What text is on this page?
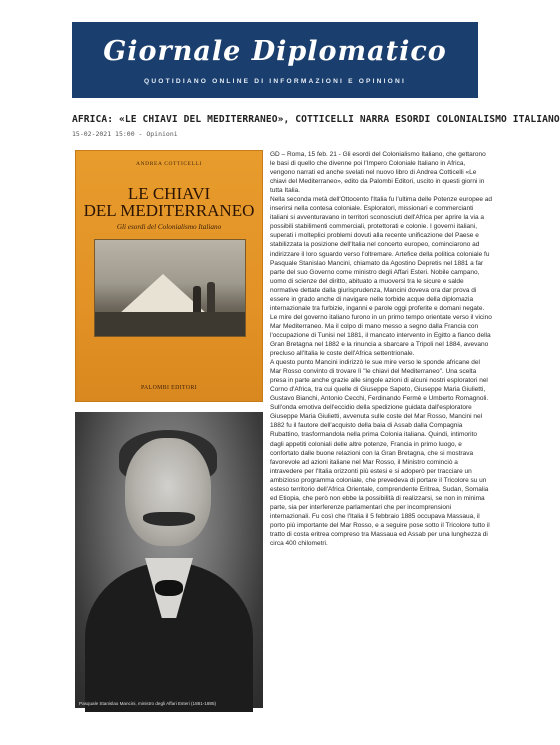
Giornale Diplomatico
QUOTIDIANO ONLINE DI INFORMAZIONI E OPINIONI
AFRICA: «LE CHIAVI DEL MEDITERRANEO», COTTICELLI NARRA ESORDI COLONIALISMO ITALIANO
15-02-2021 15:00 - Opinioni
ANDREA COTTICELLI
LE CHIAVI
DEL MEDITERRANEO
Gli esordi del Colonialismo Italiano
PALOMBI EDITORI
Pasquale Stanislao Mancini, ministro degli Affari Esteri (1881-1885)

GD – Roma, 15 feb. 21 - Gli esordi del Colonialismo Italiano, che gettarono le basi di quello che divenne poi l'Impero Coloniale Italiano in Africa, vengono narrati ed anche svelati nel nuovo libro di Andrea Cotticelli «Le chiavi del Mediterraneo», edito da Palombi Editori, uscito in questi giorni in tutta Italia.

Nella seconda metà dell'Ottocento l'Italia fu l'ultima delle Potenze europee ad inserirsi nella contesa coloniale. Esploratori, missionari e commercianti italiani si avventuravano in territori sconosciuti dell'Africa per aprire la via a possibili stabilimenti commerciali, protettorati e colonie. I governi italiani, superati i molteplici problemi dovuti alla recente unificazione del Paese e stabilizzata la posizione dell'Italia nel concerto europeo, cominciarono ad indirizzare il loro sguardo verso l'oltremare. Artefice della politica coloniale fu Pasquale Stanislao Mancini, chiamato da Agostino Depretis nel 1881 a far parte del suo Governo come ministro degli Affari Esteri. Nobile campano, uomo di scienze del diritto, abituato a muoversi tra le sicure e salde normative dettate dalla giurisprudenza, Mancini doveva ora dar prova di essere in grado anche di navigare nelle torbide acque della diplomazia internazionale tra furbizie, inganni e parole oggi proferite e domani negate.

Le mire del governo italiano furono in un primo tempo orientate verso il vicino Mar Mediterraneo. Ma il colpo di mano messo a segno dalla Francia con l'occupazione di Tunisi nel 1881, il mancato intervento in Egitto a fianco della Gran Bretagna nel 1882 e la rinuncia a sbarcare a Tripoli nel 1884, avevano precluso all'Italia le coste dell'Africa settentrionale.

A questo punto Mancini indirizzò le sue mire verso le sponde africane del Mar Rosso convinto di trovare lì "le chiavi del Mediterraneo". Una scelta presa in parte anche grazie alle singole azioni di alcuni nostri esploratori nel Corno d'Africa, tra cui quelle di Giuseppe Sapeto, Giuseppe Maria Giulietti, Gustavo Bianchi, Antonio Cecchi, Ferdinando Fermè e Umberto Romagnoli.

Sull'onda emotiva dell'eccidio della spedizione guidata dall'esploratore Giuseppe Maria Giulietti, avvenuta sulle coste del Mar Rosso, Mancini nel 1882 fu il fautore dell'acquisto della baia di Assab dalla Compagnia Rubattino, trasformandola nella prima Colonia italiana. Quindi, intimorito dagli appetiti coloniali delle altre potenze, Francia in primo luogo, e confortato dalle buone relazioni con la Gran Bretagna, che si mostrava favorevole ad azioni italiane nel Mar Rosso, il Ministro cominciò a intravedere per l'Italia orizzonti più estesi e si adoperò per tracciare un ambizioso programma coloniale, che prevedeva di portare il Tricolore su un esteso territorio dell'Africa Orientale, comprendente Eritrea, Sudan, Somalia ed Etiopia, che però non ebbe la possibilità di realizzarsi, se non in minima parte, sia per interferenze parlamentari che per incomprensioni internazionali. Fu così che l'Italia il 5 febbraio 1885 occupava Massaua, il porto più importante del Mar Rosso, e a seguire pose sotto il Tricolore tutto il tratto di costa eritrea compreso tra Massaua ed Assab per una lunghezza di circa 400 chilometri.
